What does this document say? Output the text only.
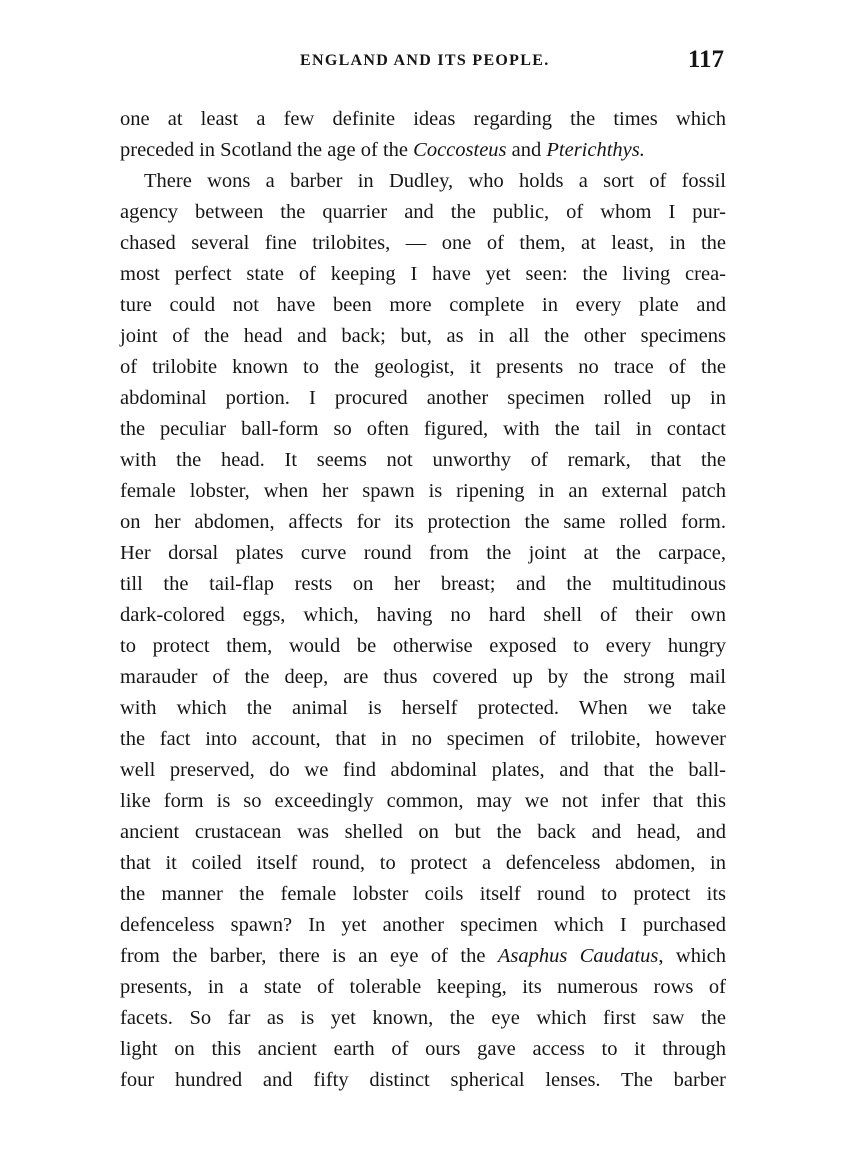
ENGLAND AND ITS PEOPLE.	117
one at least a few definite ideas regarding the times which
preceded in Scotland the age of the Coccosteus and Pterichthys.
There wons a barber in Dudley, who holds a sort of fossil
agency between the quarrier and the public, of whom I pur-
chased several fine trilobites, — one of them, at least, in the
most perfect state of keeping I have yet seen: the living crea-
ture could not have been more complete in every plate and
joint of the head and back; but, as in all the other specimens
of trilobite known to the geologist, it presents no trace of the
abdominal portion. I procured another specimen rolled up in
the peculiar ball-form so often figured, with the tail in contact
with the head. It seems not unworthy of remark, that the
female lobster, when her spawn is ripening in an external patch
on her abdomen, affects for its protection the same rolled form.
Her dorsal plates curve round from the joint at the carpace,
till the tail-flap rests on her breast; and the multitudinous
dark-colored eggs, which, having no hard shell of their own
to protect them, would be otherwise exposed to every hungry
marauder of the deep, are thus covered up by the strong mail
with which the animal is herself protected. When we take
the fact into account, that in no specimen of trilobite, however
well preserved, do we find abdominal plates, and that the ball-
like form is so exceedingly common, may we not infer that this
ancient crustacean was shelled on but the back and head, and
that it coiled itself round, to protect a defenceless abdomen, in
the manner the female lobster coils itself round to protect its
defenceless spawn? In yet another specimen which I purchased
from the barber, there is an eye of the Asaphus Caudatus, which
presents, in a state of tolerable keeping, its numerous rows of
facets. So far as is yet known, the eye which first saw the
light on this ancient earth of ours gave access to it through
four hundred and fifty distinct spherical lenses. The barber
